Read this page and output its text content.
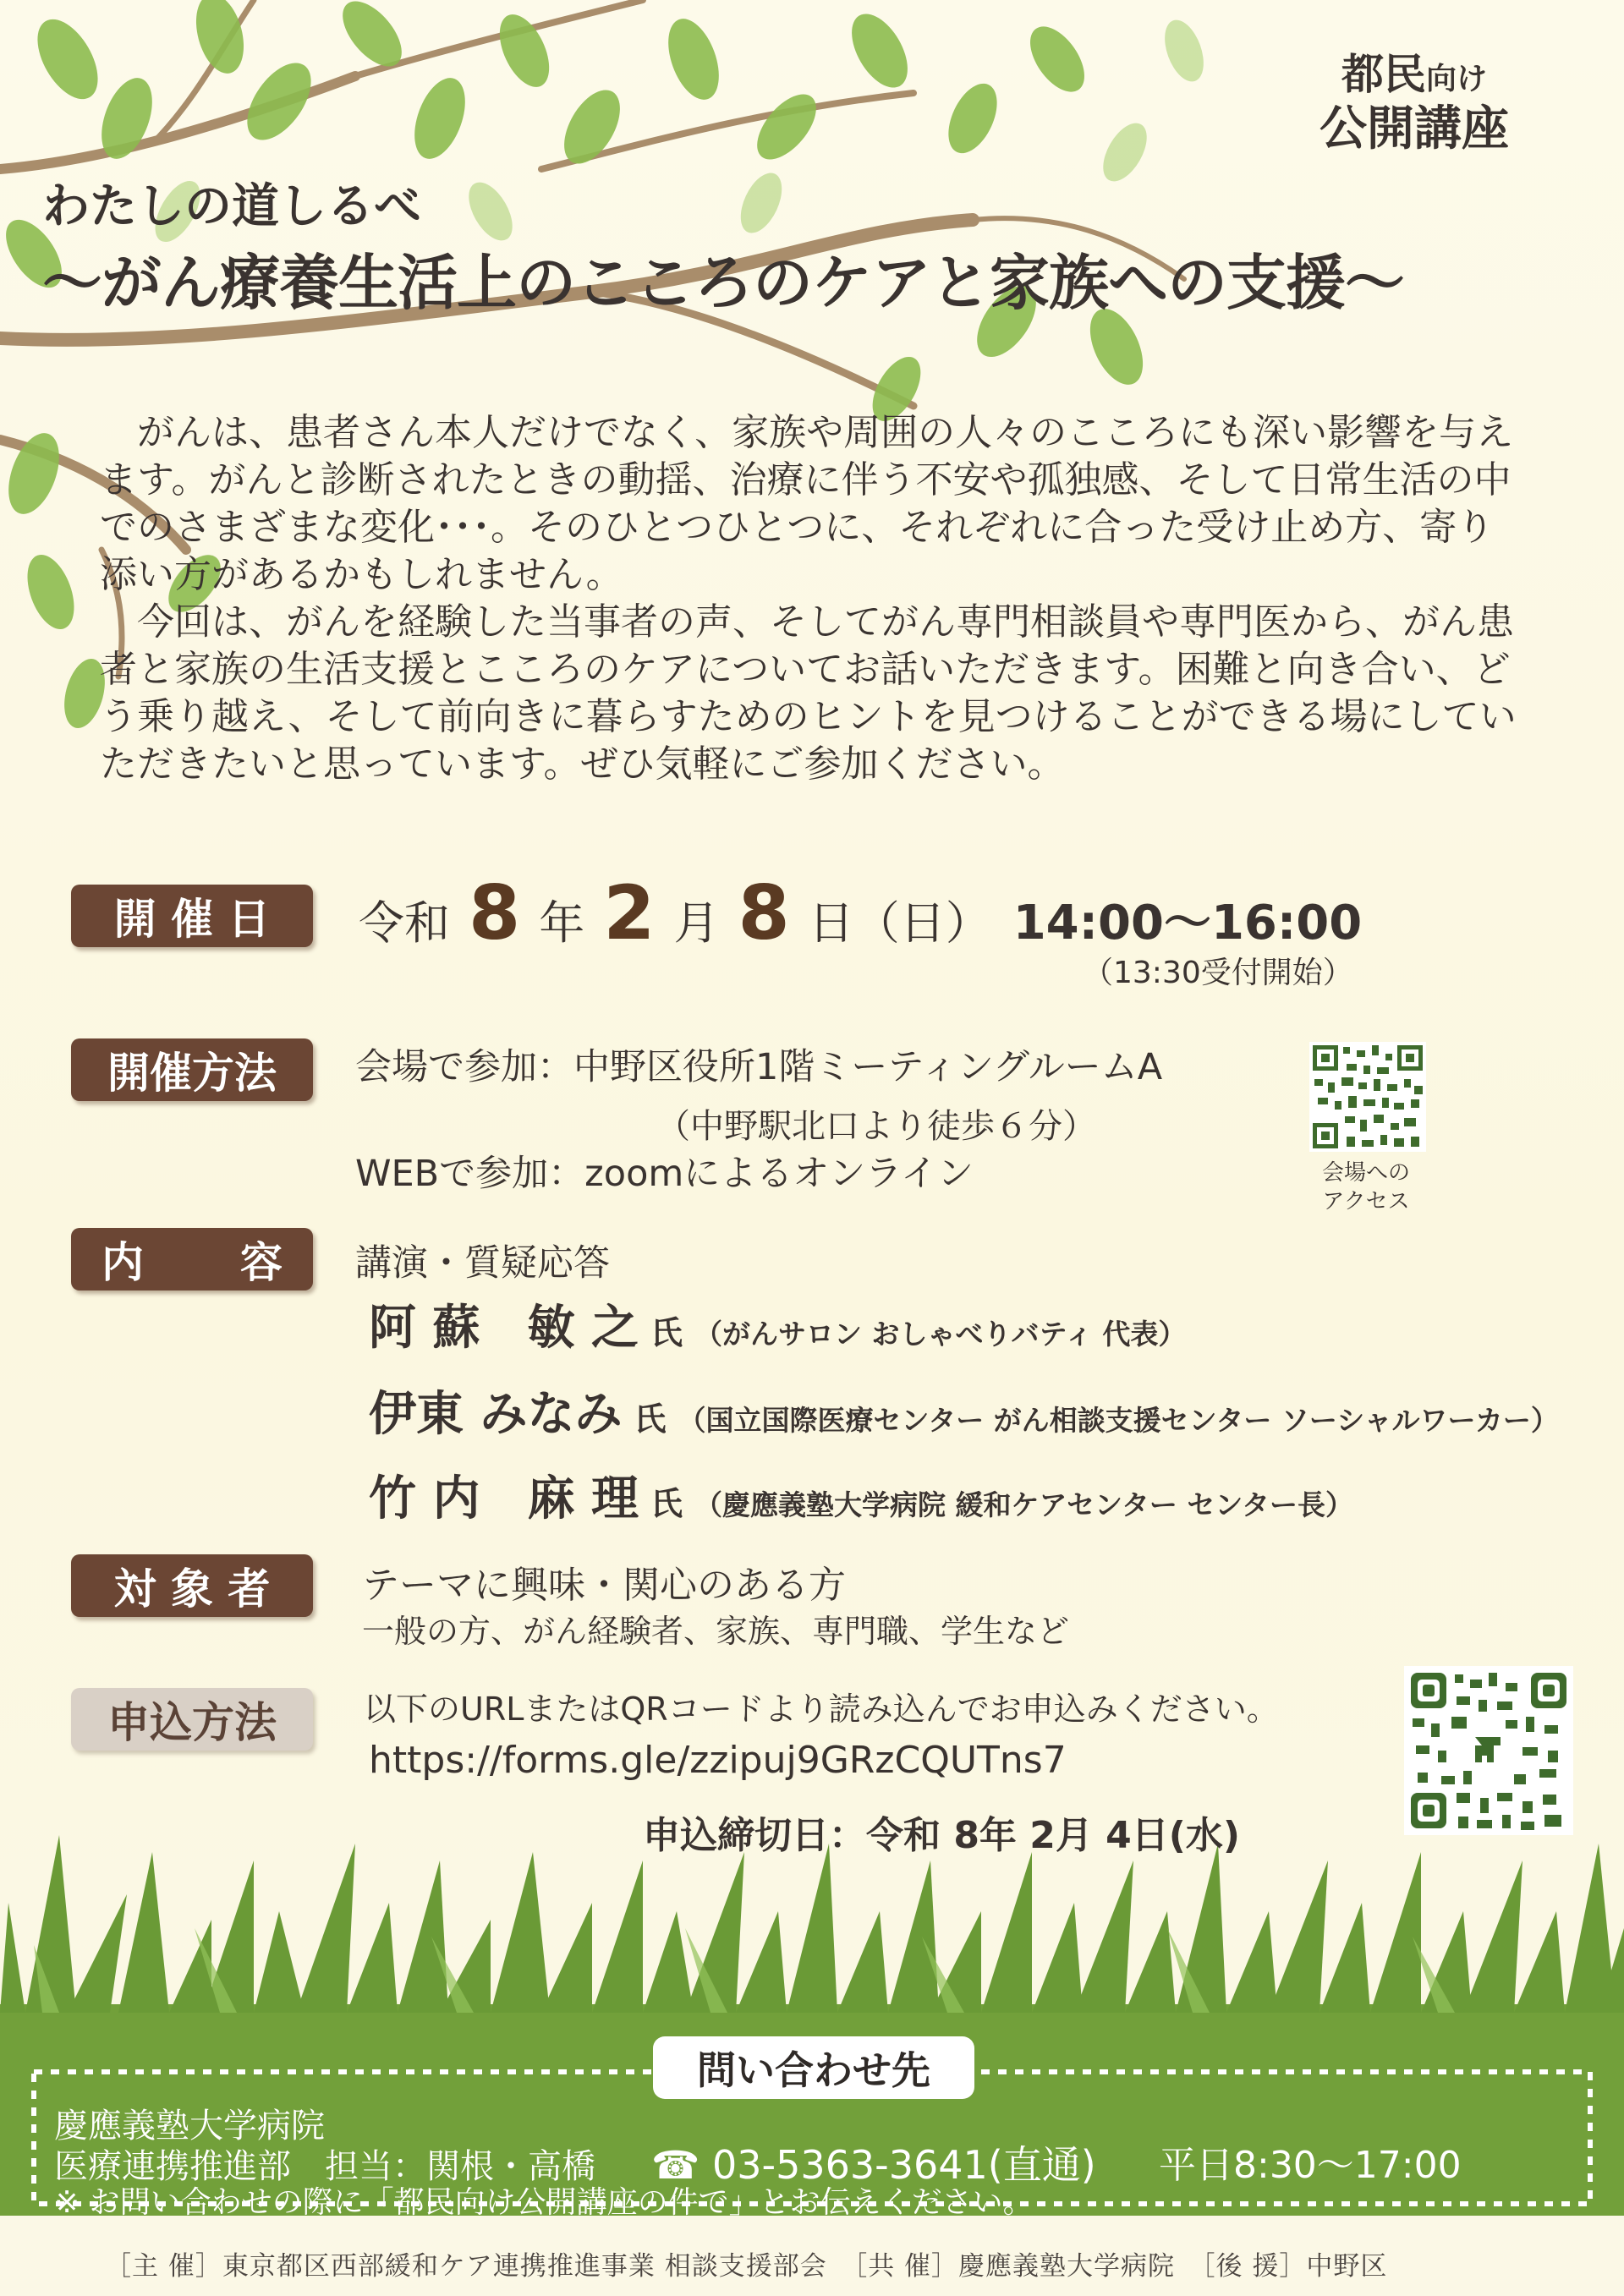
都民向け
公開講座
わたしの道しるべ
～がん療養生活上のこころのケアと家族への支援～

がんは、患者さん本人だけでなく、家族や周囲の人々のこころにも深い影響を与えます。がんと診断されたときの動揺、治療に伴う不安や孤独感、そして日常生活の中でのさまざまな変化･･･。そのひとつひとつに、それぞれに合った受け止め方、寄り添い方があるかもしれません。

今回は、がんを経験した当事者の声、そしてがん専門相談員や専門医から、がん患者と家族の生活支援とこころのケアについてお話いただきます。困難と向き合い、どう乗り越え、そして前向きに暮らすためのヒントを見つけることができる場にしていただきたいと思っています。ぜひ気軽にご参加ください。

開 催 日	令和 8 年 2 月 8 日（日） 14:00～16:00
（13:30受付開始）
開催方法	会場で参加：中野区役所1階ミーティングルームA
（中野駅北口より徒歩６分）
WEBで参加：zoomによるオンライン	会場への
アクセス
内 容 講演・質疑応答
阿 蘇　敏 之 氏 （がんサロン おしゃべりバティ 代表）
伊東 みなみ 氏 （国立国際医療センター がん相談支援センター ソーシャルワーカー）
竹 内　麻 理 氏 （慶應義塾大学病院 緩和ケアセンター センター長）
対 象 者	テーマに興味・関心のある方
一般の方、がん経験者、家族、専門職、学生など
申込方法	以下のURLまたはQRコードより読み込んでお申込みください。
https://forms.gle/zzipuj9GRzCQUTns7
申込締切日：令和 8年 2月 4日(水)
問い合わせ先
慶應義塾大学病院
医療連携推進部　担当：関根・高橋 ☎ 03-5363-3641(直通) 平日8:30～17:00
※ お問い合わせの際に「都民向け公開講座の件で」とお伝えください。
［主 催］東京都区西部緩和ケア連携推進事業 相談支援部会　［共 催］慶應義塾大学病院　［後 援］中野区
